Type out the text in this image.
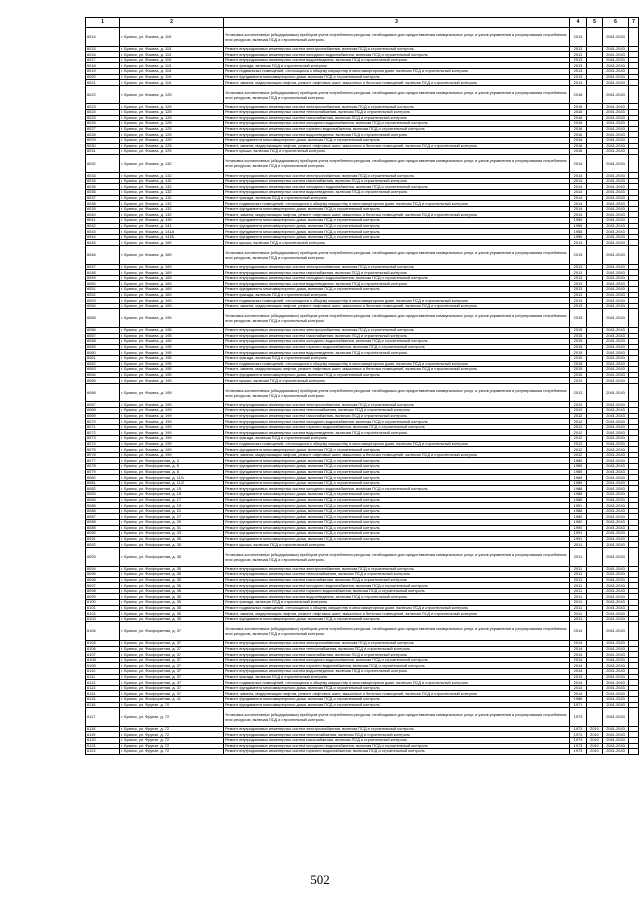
1	2	3	4	5	6	7
6014	г. Брянск, ул. Фокина, д. 115	Установка коллективных (общедомовых) приборов учета потребления ресурсов, необходимых для предоставления коммунальных услуг, и узлов управления и регулирования потребления этих ресурсов, включая ПСД и строительный контроль	2013		2041-2043	
6015	г. Брянск, ул. Фокина, д. 115	Ремонт внутридомовых инженерных систем электроснабжения, включая ПСД и строительный контроль	2013		2041-2043	
6016	г. Брянск, ул. Фокина, д. 115	Ремонт внутридомовых инженерных систем холодного водоснабжения, включая ПСД и строительный контроль	2013		2041-2043	
6017	г. Брянск, ул. Фокина, д. 115	Ремонт внутридомовых инженерных систем водоотведения, включая ПСД и строительный контроль	2013		2041-2043	
6018	г. Брянск, ул. Фокина, д. 115	Ремонт фасада, включая ПСД и строительный контроль	2013		2041-2043	
6019	г. Брянск, ул. Фокина, д. 115	Ремонт подвальных помещений, относящихся к общему имуществу в многоквартирном доме, включая ПСД и строительный контроль	2013		2041-2043	
6020	г. Брянск, ул. Фокина, д. 115	Ремонт фундамента многоквартирного дома, включая ПСД и строительный контроль	2013		2041-2043	
6021	г. Брянск, ул. Фокина, д. 115	Ремонт, замена, модернизация лифтов, ремонт лифтовых шахт, машинных и блочных помещений, включая ПСД и строительный контроль	2013		2041-2043	
6022	г. Брянск, ул. Фокина, д. 125	Установка коллективных (общедомовых) приборов учета потребления ресурсов, необходимых для предоставления коммунальных услуг, и узлов управления и регулирования потребления этих ресурсов, включая ПСД и строительный контроль	2016		2041-2043	
6023	г. Брянск, ул. Фокина, д. 125	Ремонт внутридомовых инженерных систем электроснабжения, включая ПСД и строительный контроль	2016		2041-2043	
6024	г. Брянск, ул. Фокина, д. 125	Ремонт внутридомовых инженерных систем теплоснабжения, включая ПСД и строительный контроль	2016		2041-2043	
6025	г. Брянск, ул. Фокина, д. 125	Ремонт внутридомовых инженерных систем газоснабжения, включая ПСД и строительный контроль	2016		2041-2043	
6026	г. Брянск, ул. Фокина, д. 125	Ремонт внутридомовых инженерных систем холодного водоснабжения, включая ПСД и строительный контроль	2016		2041-2043	
6027	г. Брянск, ул. Фокина, д. 125	Ремонт внутридомовых инженерных систем горячего водоснабжения, включая ПСД и строительный контроль	2016		2041-2043	
6028	г. Брянск, ул. Фокина, д. 125	Ремонт внутридомовых инженерных систем водоотведения, включая ПСД и строительный контроль	2016		2041-2043	
6029	г. Брянск, ул. Фокина, д. 125	Ремонт фундамента многоквартирного дома, включая ПСД и строительный контроль	2016		2041-2043	
6030	г. Брянск, ул. Фокина, д. 125	Ремонт, замена, модернизация лифтов, ремонт лифтовых шахт, машинных и блочных помещений, включая ПСД и строительный контроль	2016		2041-2043	
6031	г. Брянск, ул. Фокина, д. 125	Ремонт крыши, включая ПСД и строительный контроль	2016		2041-2043	
6032	г. Брянск, ул. Фокина, д. 132	Установка коллективных (общедомовых) приборов учета потребления ресурсов, необходимых для предоставления коммунальных услуг, и узлов управления и регулирования потребления этих ресурсов, включая ПСД и строительный контроль	2014		2041-2043	
6033	г. Брянск, ул. Фокина, д. 132	Ремонт внутридомовых инженерных систем электроснабжения, включая ПСД и строительный контроль	2014		2041-2043	
6034	г. Брянск, ул. Фокина, д. 132	Ремонт внутридомовых инженерных систем газоснабжения, включая ПСД и строительный контроль	2014		2041-2043	
6035	г. Брянск, ул. Фокина, д. 132	Ремонт внутридомовых инженерных систем холодного водоснабжения, включая ПСД и строительный контроль	2014		2041-2043	
6036	г. Брянск, ул. Фокина, д. 132	Ремонт внутридомовых инженерных систем водоотведения, включая ПСД и строительный контроль	2014		2041-2043	
6037	г. Брянск, ул. Фокина, д. 132	Ремонт фасада, включая ПСД и строительный контроль	2014		2041-2043	
6038	г. Брянск, ул. Фокина, д. 132	Ремонт подвальных помещений, относящихся к общему имуществу в многоквартирном доме, включая ПСД и строительный контроль	2014		2041-2043	
6039	г. Брянск, ул. Фокина, д. 132	Ремонт фундамента многоквартирного дома, включая ПСД и строительный контроль	2014		2041-2043	
6040	г. Брянск, ул. Фокина, д. 132	Ремонт, замена, модернизация лифтов, ремонт лифтовых шахт, машинных и блочных помещений, включая ПСД и строительный контроль	2014		2041-2043	
6041	г. Брянск, ул. Фокина, д. 139	Ремонт фундамента многоквартирного дома, включая ПСД и строительный контроль	1959		2041-2043	
6042	г. Брянск, ул. Фокина, д. 141	Ремонт фундамента многоквартирного дома, включая ПСД и строительный контроль	1959		2041-2043	
6043	г. Брянск, ул. Фокина, д. 141А	Ремонт фундамента многоквартирного дома, включая ПСД и строительный контроль	1958		2041-2043	
6044	г. Брянск, ул. Фокина, д. 141Б	Ремонт фундамента многоквартирного дома, включая ПСД и строительный контроль	1959		2041-2043	
6045	г. Брянск, ул. Фокина, д. 169	Ремонт крыши, включая ПСД и строительный контроль	2013		2041-2043	
6046	г. Брянск, ул. Фокина, д. 169	Установка коллективных (общедомовых) приборов учета потребления ресурсов, необходимых для предоставления коммунальных услуг, и узлов управления и регулирования потребления этих ресурсов, включая ПСД и строительный контроль	2013		2041-2043	
6047	г. Брянск, ул. Фокина, д. 169	Ремонт внутридомовых инженерных систем электроснабжения, включая ПСД и строительный контроль	2013		2041-2043	
6048	г. Брянск, ул. Фокина, д. 169	Ремонт внутридомовых инженерных систем газоснабжения, включая ПСД и строительный контроль	2013		2041-2043	
6049	г. Брянск, ул. Фокина, д. 169	Ремонт внутридомовых инженерных систем холодного водоснабжения, включая ПСД и строительный контроль	2013		2041-2043	
6050	г. Брянск, ул. Фокина, д. 169	Ремонт внутридомовых инженерных систем водоотведения, включая ПСД и строительный контроль	2013		2041-2043	
6051	г. Брянск, ул. Фокина, д. 169	Ремонт фундамента многоквартирного дома, включая ПСД и строительный контроль	2013		2041-2043	
6052	г. Брянск, ул. Фокина, д. 169	Ремонт фасада, включая ПСД и строительный контроль	2013		2041-2043	
6053	г. Брянск, ул. Фокина, д. 169	Ремонт подвальных помещений, относящихся к общему имуществу в многоквартирном доме, включая ПСД и строительный контроль	2013		2041-2043	
6054	г. Брянск, ул. Фокина, д. 169	Ремонт, замена, модернизация лифтов, ремонт лифтовых шахт, машинных и блочных помещений, включая ПСД и строительный контроль	2013		2041-2043	
6055	г. Брянск, ул. Фокина, д. 195	Установка коллективных (общедомовых) приборов учета потребления ресурсов, необходимых для предоставления коммунальных услуг, и узлов управления и регулирования потребления этих ресурсов, включая ПСД и строительный контроль	2015		2041-2043	
6056	г. Брянск, ул. Фокина, д. 195	Ремонт внутридомовых инженерных систем электроснабжения, включая ПСД и строительный контроль	2015		2041-2043	
6057	г. Брянск, ул. Фокина, д. 195	Ремонт внутридомовых инженерных систем газоснабжения, включая ПСД и строительный контроль	2015		2041-2043	
6058	г. Брянск, ул. Фокина, д. 195	Ремонт внутридомовых инженерных систем холодного водоснабжения, включая ПСД и строительный контроль	2015		2041-2043	
6059	г. Брянск, ул. Фокина, д. 195	Ремонт внутридомовых инженерных систем горячего водоснабжения, включая ПСД и строительный контроль	2015		2041-2043	
6060	г. Брянск, ул. Фокина, д. 195	Ремонт внутридомовых инженерных систем водоотведения, включая ПСД и строительный контроль	2015		2041-2043	
6061	г. Брянск, ул. Фокина, д. 195	Ремонт фасада, включая ПСД и строительный контроль	2015		2041-2043	
6062	г. Брянск, ул. Фокина, д. 195	Ремонт подвальных помещений, относящихся к общему имуществу в многоквартирном доме, включая ПСД и строительный контроль	2015		2041-2043	
6063	г. Брянск, ул. Фокина, д. 195	Ремонт, замена, модернизация лифтов, ремонт лифтовых шахт, машинных и блочных помещений, включая ПСД и строительный контроль	2015		2041-2043	
6064	г. Брянск, ул. Фокина, д. 195	Ремонт фундамента многоквартирного дома, включая ПСД и строительный контроль	2015		2041-2043	
6065	г. Брянск, ул. Фокина, д. 199	Ремонт крыши, включая ПСД и строительный контроль	2012		2041-2043	
6066	г. Брянск, ул. Фокина, д. 199	Установка коллективных (общедомовых) приборов учета потребления ресурсов, необходимых для предоставления коммунальных услуг, и узлов управления и регулирования потребления этих ресурсов, включая ПСД и строительный контроль	2012		2041-2043	
6067	г. Брянск, ул. Фокина, д. 199	Ремонт внутридомовых инженерных систем электроснабжения, включая ПСД и строительный контроль	2012		2041-2043	
6068	г. Брянск, ул. Фокина, д. 199	Ремонт внутридомовых инженерных систем теплоснабжения, включая ПСД и строительный контроль	2012		2041-2043	
6069	г. Брянск, ул. Фокина, д. 199	Ремонт внутридомовых инженерных систем газоснабжения, включая ПСД и строительный контроль	2012		2041-2043	
6070	г. Брянск, ул. Фокина, д. 199	Ремонт внутридомовых инженерных систем холодного водоснабжения, включая ПСД и строительный контроль	2012		2041-2043	
6071	г. Брянск, ул. Фокина, д. 199	Ремонт внутридомовых инженерных систем горячего водоснабжения, включая ПСД и строительный контроль	2012		2041-2043	
6072	г. Брянск, ул. Фокина, д. 199	Ремонт внутридомовых инженерных систем водоотведения, включая ПСД и строительный контроль	2012		2041-2043	
6073	г. Брянск, ул. Фокина, д. 199	Ремонт фасада, включая ПСД и строительный контроль	2012		2041-2043	
6074	г. Брянск, ул. Фокина, д. 199	Ремонт подвальных помещений, относящихся к общему имуществу в многоквартирном доме, включая ПСД и строительный контроль	2012		2041-2043	
6075	г. Брянск, ул. Фокина, д. 199	Ремонт фундамента многоквартирного дома, включая ПСД и строительный контроль	2012		2041-2043	
6076	г. Брянск, ул. Фокина, д. 199	Ремонт, замена, модернизация лифтов, ремонт лифтовых шахт, машинных и блочных помещений, включая ПСД и строительный контроль	2012		2041-2043	
6077	г. Брянск, ул. Фосфоритная, д. 3	Ремонт фундамента многоквартирного дома, включая ПСД и строительный контроль	1989		2041-2043	
6078	г. Брянск, ул. Фосфоритная, д. 6	Ремонт фундамента многоквартирного дома, включая ПСД и строительный контроль	1989		2041-2043	
6079	г. Брянск, ул. Фосфоритная, д. 8	Ремонт фундамента многоквартирного дома, включая ПСД и строительный контроль	1989		2041-2043	
6080	г. Брянск, ул. Фосфоритная, д. 11/1	Ремонт фундамента многоквартирного дома, включая ПСД и строительный контроль	1989		2041-2043	
6081	г. Брянск, ул. Фосфоритная, д. 11/2	Ремонт фундамента многоквартирного дома, включая ПСД и строительный контроль	1989		2041-2043	
6082	г. Брянск, ул. Фосфоритная, д. 15	Ремонт внутридомовых инженерных систем холодного водоснабжения, включая ПСД и строительный контроль	1988		2041-2043	
6083	г. Брянск, ул. Фосфоритная, д. 15	Ремонт фундамента многоквартирного дома, включая ПСД и строительный контроль	1988		2041-2043	
6084	г. Брянск, ул. Фосфоритная, д. 17	Ремонт фундамента многоквартирного дома, включая ПСД и строительный контроль	1988		2041-2043	
6085	г. Брянск, ул. Фосфоритная, д. 19	Ремонт фундамента многоквартирного дома, включая ПСД и строительный контроль	1991		2041-2043	
6086	г. Брянск, ул. Фосфоритная, д. 21	Ремонт фундамента многоквартирного дома, включая ПСД и строительный контроль	1988		2041-2043	
6087	г. Брянск, ул. Фосфоритная, д. 27	Ремонт фундамента многоквартирного дома, включая ПСД и строительный контроль	1989		2041-2043	
6088	г. Брянск, ул. Фосфоритная, д. 29	Ремонт фундамента многоквартирного дома, включая ПСД и строительный контроль	1982		2041-2043	
6089	г. Брянск, ул. Фосфоритная, д. 31	Ремонт фундамента многоквартирного дома, включая ПСД и строительный контроль	1990		2041-2043	
6090	г. Брянск, ул. Фосфоритная, д. 33	Ремонт фундамента многоквартирного дома, включая ПСД и строительный контроль	1991		2041-2043	
6091	г. Брянск, ул. Фосфоритная, д. 35	Ремонт фундамента многоквартирного дома, включая ПСД и строительный контроль	1991		2041-2043	
6092	г. Брянск, ул. Фосфоритная, д. 35	Ремонт крыши, включая ПСД и строительный контроль	2011		2041-2043	
6093	г. Брянск, ул. Фосфоритная, д. 35	Установка коллективных (общедомовых) приборов учета потребления ресурсов, необходимых для предоставления коммунальных услуг, и узлов управления и регулирования потребления этих ресурсов, включая ПСД и строительный контроль	2011		2041-2043	
6094	г. Брянск, ул. Фосфоритная, д. 35	Ремонт внутридомовых инженерных систем электроснабжения, включая ПСД и строительный контроль	2011		2041-2043	
6095	г. Брянск, ул. Фосфоритная, д. 35	Ремонт внутридомовых инженерных систем теплоснабжения, включая ПСД и строительный контроль	2011		2041-2043	
6096	г. Брянск, ул. Фосфоритная, д. 35	Ремонт внутридомовых инженерных систем газоснабжения, включая ПСД и строительный контроль	2011		2041-2043	
6097	г. Брянск, ул. Фосфоритная, д. 35	Ремонт внутридомовых инженерных систем холодного водоснабжения, включая ПСД и строительный контроль	2011		2041-2043	
6098	г. Брянск, ул. Фосфоритная, д. 35	Ремонт внутридомовых инженерных систем горячего водоснабжения, включая ПСД и строительный контроль	2011		2041-2043	
6099	г. Брянск, ул. Фосфоритная, д. 35	Ремонт внутридомовых инженерных систем водоотведения, включая ПСД и строительный контроль	2011		2041-2043	
6100	г. Брянск, ул. Фосфоритная, д. 35	Ремонт фасада, включая ПСД и строительный контроль	2011		2041-2043	
6101	г. Брянск, ул. Фосфоритная, д. 35	Ремонт подвальных помещений, относящихся к общему имуществу в многоквартирном доме, включая ПСД и строительный контроль	2011		2041-2043	
6102	г. Брянск, ул. Фосфоритная, д. 35	Ремонт, замена, модернизация лифтов, ремонт лифтовых шахт, машинных и блочных помещений, включая ПСД и строительный контроль	2011		2041-2043	
6103	г. Брянск, ул. Фосфоритная, д. 35	Ремонт фундамента многоквартирного дома, включая ПСД и строительный контроль	2011		2041-2043	
6104	г. Брянск, ул. Фосфоритная, д. 37	Установка коллективных (общедомовых) приборов учета потребления ресурсов, необходимых для предоставления коммунальных услуг, и узлов управления и регулирования потребления этих ресурсов, включая ПСД и строительный контроль	2014		2041-2043	
6105	г. Брянск, ул. Фосфоритная, д. 37	Ремонт внутридомовых инженерных систем электроснабжения, включая ПСД и строительный контроль	2014		2041-2043	
6106	г. Брянск, ул. Фосфоритная, д. 37	Ремонт внутридомовых инженерных систем теплоснабжения, включая ПСД и строительный контроль	2014		2041-2043	
6107	г. Брянск, ул. Фосфоритная, д. 37	Ремонт внутридомовых инженерных систем газоснабжения, включая ПСД и строительный контроль	2014		2041-2043	
6108	г. Брянск, ул. Фосфоритная, д. 37	Ремонт внутридомовых инженерных систем холодного водоснабжения, включая ПСД и строительный контроль	2014		2041-2043	
6109	г. Брянск, ул. Фосфоритная, д. 37	Ремонт внутридомовых инженерных систем горячего водоснабжения, включая ПСД и строительный контроль	2014		2041-2043	
6110	г. Брянск, ул. Фосфоритная, д. 37	Ремонт внутридомовых инженерных систем водоотведения, включая ПСД и строительный контроль	2014		2041-2043	
6111	г. Брянск, ул. Фосфоритная, д. 37	Ремонт фасада, включая ПСД и строительный контроль	2014		2041-2043	
6112	г. Брянск, ул. Фосфоритная, д. 37	Ремонт подвальных помещений, относящихся к общему имуществу в многоквартирном доме, включая ПСД и строительный контроль	2014		2041-2043	
6113	г. Брянск, ул. Фосфоритная, д. 37	Ремонт фундамента многоквартирного дома, включая ПСД и строительный контроль	2014		2041-2043	
6114	г. Брянск, ул. Фосфоритная, д. 37	Ремонт, замена, модернизация лифтов, ремонт лифтовых шахт, машинных и блочных помещений, включая ПСД и строительный контроль	2014		2041-2043	
6115	г. Брянск, ул. Фосфоритная, д. 41	Ремонт фундамента многоквартирного дома, включая ПСД и строительный контроль	1986		2041-2043	
6116	г. Брянск, ул. Фрунзе, д. 70	Ремонт фундамента многоквартирного дома, включая ПСД и строительный контроль	1971		2041-2043	
6117	г. Брянск, ул. Фрунзе, д. 72	Установка коллективных (общедомовых) приборов учета потребления ресурсов, необходимых для предоставления коммунальных услуг, и узлов управления и регулирования потребления этих ресурсов, включая ПСД и строительный контроль	1973		2041-2043	
6118	г. Брянск, ул. Фрунзе, д. 72	Ремонт внутридомовых инженерных систем электроснабжения, включая ПСД и строительный контроль	1973	2010	2041-2043	
6119	г. Брянск, ул. Фрунзе, д. 72	Ремонт внутридомовых инженерных систем теплоснабжения, включая ПСД и строительный контроль	1973	2010	2041-2043	
6120	г. Брянск, ул. Фрунзе, д. 72	Ремонт внутридомовых инженерных систем газоснабжения, включая ПСД и строительный контроль	1973	2010	2041-2043	
6121	г. Брянск, ул. Фрунзе, д. 72	Ремонт внутридомовых инженерных систем холодного водоснабжения, включая ПСД и строительный контроль	1973	2010	2041-2043	
6122	г. Брянск, ул. Фрунзе, д. 72	Ремонт внутридомовых инженерных систем горячего водоснабжения, включая ПСД и строительный контроль	1973	2010	2041-2043	
502
